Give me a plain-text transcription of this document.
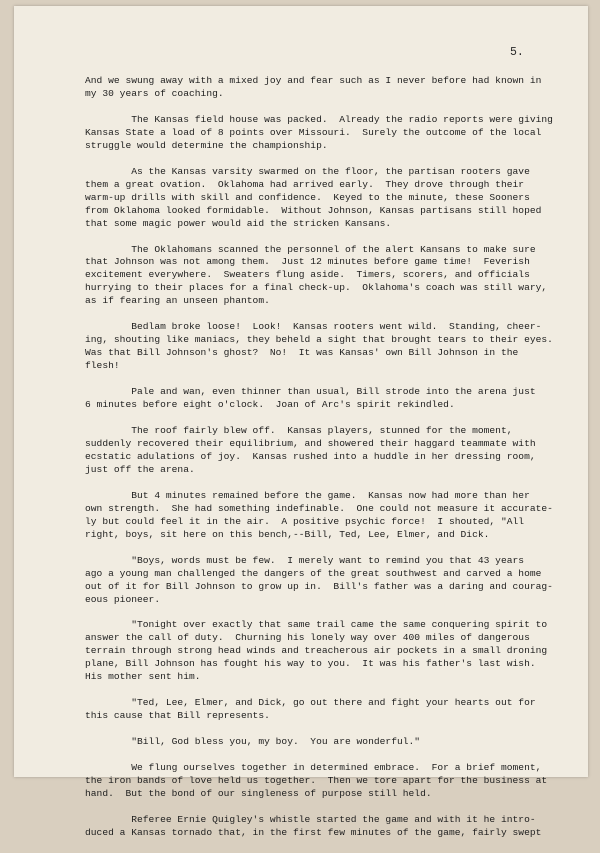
5.
And we swung away with a mixed joy and fear such as I never before had known in
my 30 years of coaching.
The Kansas field house was packed.  Already the radio reports were giving
Kansas State a load of 8 points over Missouri.  Surely the outcome of the local
struggle would determine the championship.
As the Kansas varsity swarmed on the floor, the partisan rooters gave
them a great ovation.  Oklahoma had arrived early.  They drove through their
warm-up drills with skill and confidence.  Keyed to the minute, these Sooners
from Oklahoma looked formidable.  Without Johnson, Kansas partisans still hoped
that some magic power would aid the stricken Kansans.
The Oklahomans scanned the personnel of the alert Kansans to make sure
that Johnson was not among them.  Just 12 minutes before game time!  Feverish
excitement everywhere.  Sweaters flung aside.  Timers, scorers, and officials
hurrying to their places for a final check-up.  Oklahoma's coach was still wary,
as if fearing an unseen phantom.
Bedlam broke loose!  Look!  Kansas rooters went wild.  Standing, cheer-
ing, shouting like maniacs, they beheld a sight that brought tears to their eyes.
Was that Bill Johnson's ghost?  No!  It was Kansas' own Bill Johnson in the
flesh!
Pale and wan, even thinner than usual, Bill strode into the arena just
6 minutes before eight o'clock.  Joan of Arc's spirit rekindled.
The roof fairly blew off.  Kansas players, stunned for the moment,
suddenly recovered their equilibrium, and showered their haggard teammate with
ecstatic adulations of joy.  Kansas rushed into a huddle in her dressing room,
just off the arena.
But 4 minutes remained before the game.  Kansas now had more than her
own strength.  She had something indefinable.  One could not measure it accurate-
ly but could feel it in the air.  A positive psychic force!  I shouted, "All
right, boys, sit here on this bench,--Bill, Ted, Lee, Elmer, and Dick.
"Boys, words must be few.  I merely want to remind you that 43 years
ago a young man challenged the dangers of the great southwest and carved a home
out of it for Bill Johnson to grow up in.  Bill's father was a daring and courag-
eous pioneer.
"Tonight over exactly that same trail came the same conquering spirit to
answer the call of duty.  Churning his lonely way over 400 miles of dangerous
terrain through strong head winds and treacherous air pockets in a small droning
plane, Bill Johnson has fought his way to you.  It was his father's last wish.
His mother sent him.
"Ted, Lee, Elmer, and Dick, go out there and fight your hearts out for
this cause that Bill represents.
"Bill, God bless you, my boy.  You are wonderful."
We flung ourselves together in determined embrace.  For a brief moment,
the iron bands of love held us together.  Then we tore apart for the business at
hand.  But the bond of our singleness of purpose still held.
Referee Ernie Quigley's whistle started the game and with it he intro-
duced a Kansas tornado that, in the first few minutes of the game, fairly swept
